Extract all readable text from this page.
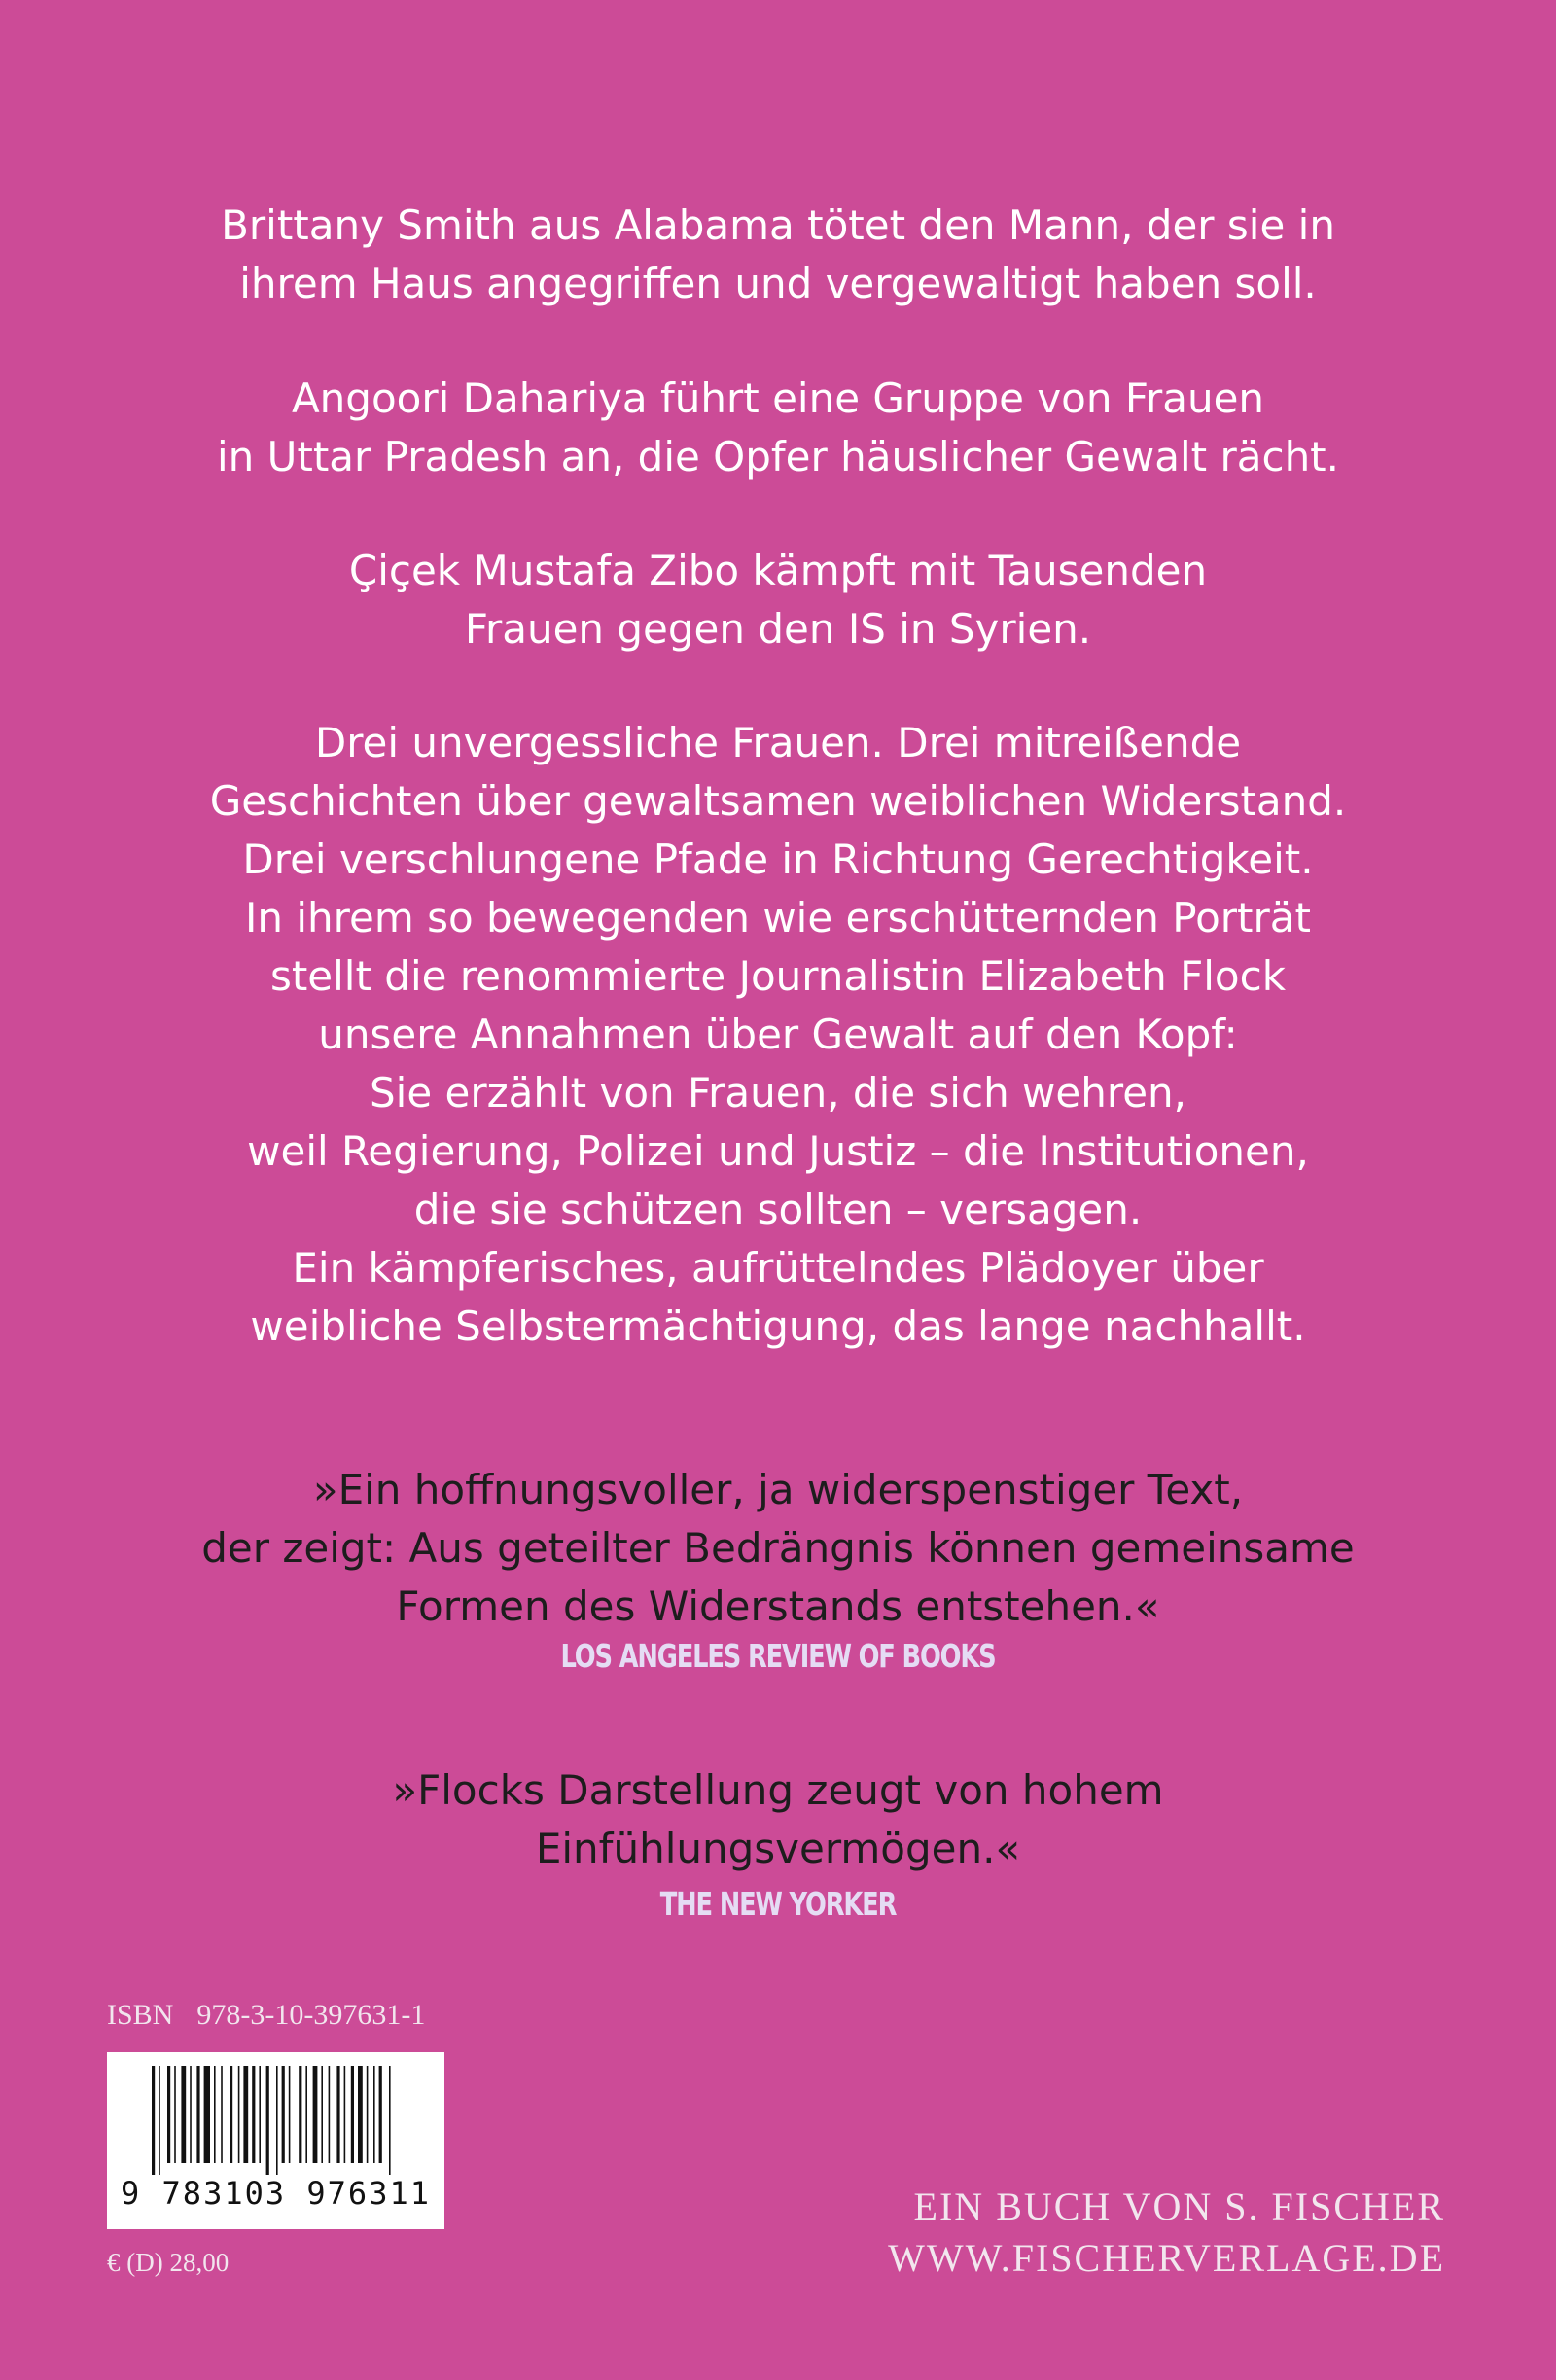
Brittany Smith aus Alabama tötet den Mann, der sie in
ihrem Haus angegriffen und vergewaltigt haben soll.
Angoori Dahariya führt eine Gruppe von Frauen
in Uttar Pradesh an, die Opfer häuslicher Gewalt rächt.
Çiçek Mustafa Zibo kämpft mit Tausenden
Frauen gegen den IS in Syrien.
Drei unvergessliche Frauen. Drei mitreißende
Geschichten über gewaltsamen weiblichen Widerstand.
Drei verschlungene Pfade in Richtung Gerechtigkeit.
In ihrem so bewegenden wie erschütternden Porträt
stellt die renommierte Journalistin Elizabeth Flock
unsere Annahmen über Gewalt auf den Kopf:
Sie erzählt von Frauen, die sich wehren,
weil Regierung, Polizei und Justiz – die Institutionen,
die sie schützen sollten – versagen.
Ein kämpferisches, aufrüttelndes Plädoyer über
weibliche Selbstermächtigung, das lange nachhallt.
»Ein hoffnungsvoller, ja widerspenstiger Text,
der zeigt: Aus geteilter Bedrängnis können gemeinsame
Formen des Widerstands entstehen.«
LOS ANGELES REVIEW OF BOOKS
»Flocks Darstellung zeugt von hohem
Einfühlungsvermögen.«
THE NEW YORKER
ISBN 978-3-10-397631-1
9 783103 976311
€ (D) 28,00
EIN BUCH VON S. FISCHER
WWW.FISCHERVERLAGE.DE
